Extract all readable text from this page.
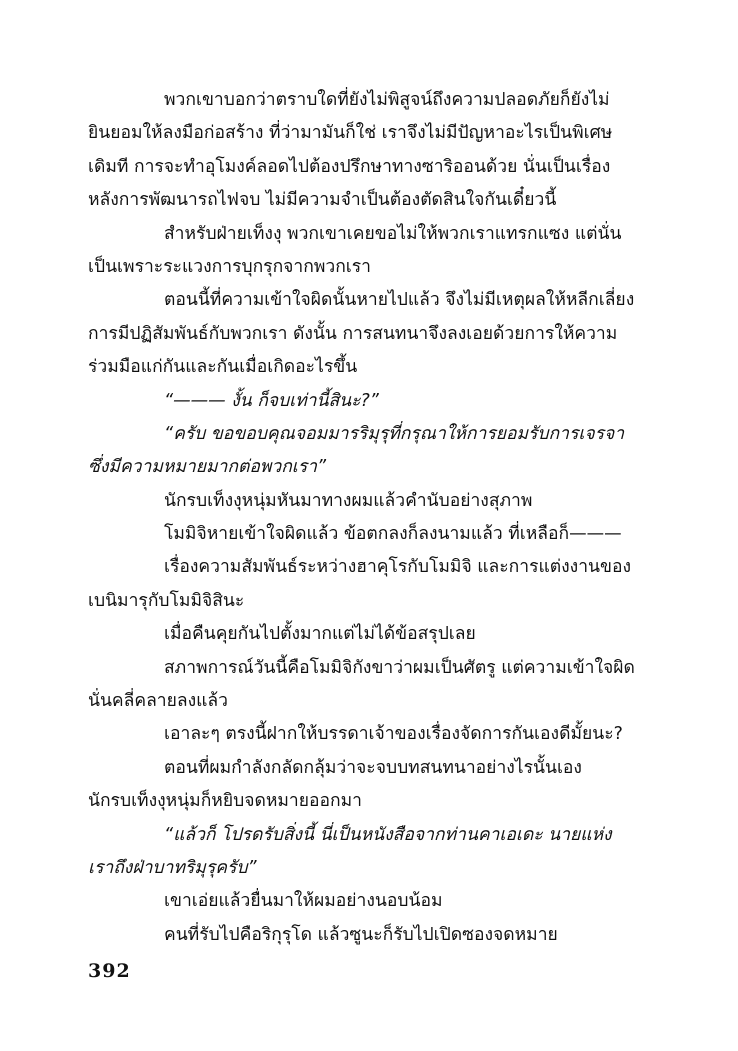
พวกเขาบอกว่าตราบใดที่ยังไม่พิสูจน์ถึงความปลอดภัยก็ยังไม่
ยินยอมให้ลงมือก่อสร้าง ที่ว่ามามันก็ใช่ เราจึงไม่มีปัญหาอะไรเป็นพิเศษ
เดิมที การจะทำอุโมงค์ลอดไปต้องปรึกษาทางซาริออนด้วย นั่นเป็นเรื่อง
หลังการพัฒนารถไฟจบ ไม่มีความจำเป็นต้องตัดสินใจกันเดี๋ยวนี้
สำหรับฝ่ายเท็งงุ พวกเขาเคยขอไม่ให้พวกเราแทรกแซง แต่นั่น
เป็นเพราะระแวงการบุกรุกจากพวกเรา
ตอนนี้ที่ความเข้าใจผิดนั้นหายไปแล้ว จึงไม่มีเหตุผลให้หลีกเลี่ยง
การมีปฏิสัมพันธ์กับพวกเรา ดังนั้น การสนทนาจึงลงเอยด้วยการให้ความ
ร่วมมือแก่กันและกันเมื่อเกิดอะไรขึ้น
“——— งั้น ก็จบเท่านี้สินะ?”
“ครับ ขอขอบคุณจอมมารริมุรุที่กรุณาให้การยอมรับการเจรจา
ซึ่งมีความหมายมากต่อพวกเรา”
นักรบเท็งงุหนุ่มหันมาทางผมแล้วคำนับอย่างสุภาพ
โมมิจิหายเข้าใจผิดแล้ว ข้อตกลงก็ลงนามแล้ว ที่เหลือก็———
เรื่องความสัมพันธ์ระหว่างฮาคุโรกับโมมิจิ และการแต่งงานของ
เบนิมารุกับโมมิจิสินะ
เมื่อคืนคุยกันไปตั้งมากแต่ไม่ได้ข้อสรุปเลย
สภาพการณ์วันนี้คือโมมิจิกังขาว่าผมเป็นศัตรู แต่ความเข้าใจผิด
นั่นคลี่คลายลงแล้ว
เอาละๆ ตรงนี้ฝากให้บรรดาเจ้าของเรื่องจัดการกันเองดีมั้ยนะ?
ตอนที่ผมกำลังกลัดกลุ้มว่าจะจบบทสนทนาอย่างไรนั้นเอง
นักรบเท็งงุหนุ่มก็หยิบจดหมายออกมา
“แล้วก็ โปรดรับสิ่งนี้ นี่เป็นหนังสือจากท่านคาเอเดะ นายแห่ง
เราถึงฝ่าบาทริมุรุครับ”
เขาเอ่ยแล้วยื่นมาให้ผมอย่างนอบน้อม
คนที่รับไปคือริกุรุโด แล้วซูนะก็รับไปเปิดซองจดหมาย
392
